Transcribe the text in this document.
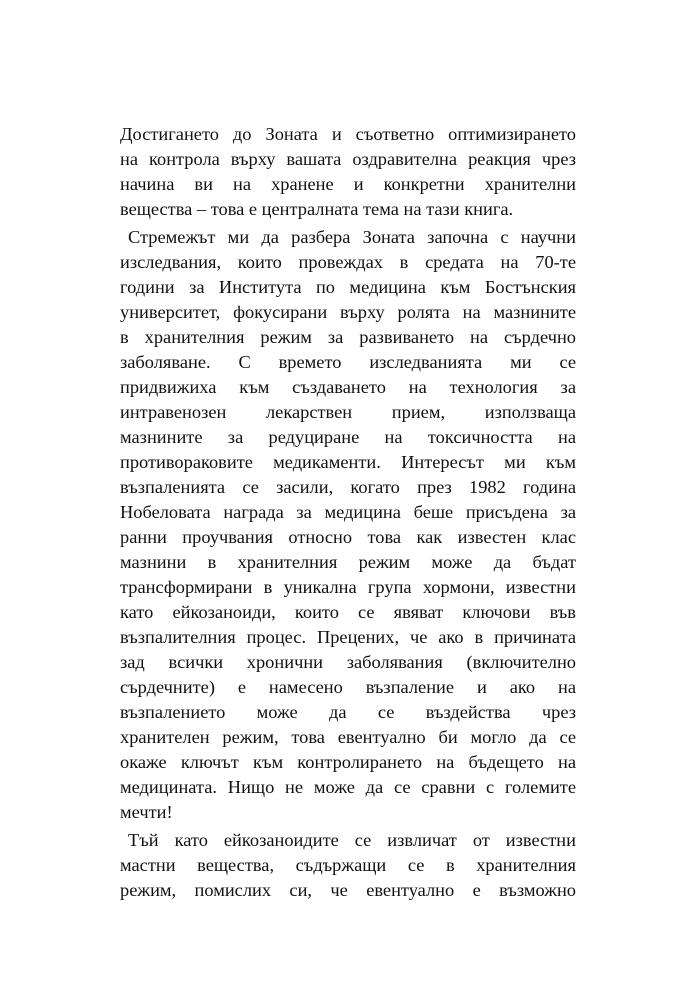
Достигането до Зоната и съответно оптимизирането
на контрола върху вашата оздравителна реакция чрез
начина ви на хранене и конкретни хранителни
вещества – това е централната тема на тази книга.

Стремежът ми да разбера Зоната започна с научни
изследвания, които провеждах в средата на 70-те
години за Института по медицина към Бостънския
университет, фокусирани върху ролята на мазнините
в хранителния режим за развиването на сърдечно
заболяване. С времето изследванията ми се
придвижиха към създаването на технология за
интравенозен лекарствен прием, използваща
мазнините за редуциране на токсичността на
противораковите медикаменти. Интересът ми към
възпаленията се засили, когато през 1982 година
Нобеловата награда за медицина беше присъдена за
ранни проучвания относно това как известен клас
мазнини в хранителния режим може да бъдат
трансформирани в уникална група хормони, известни
като ейкозаноиди, които се явяват ключови във
възпалителния процес. Прецених, че ако в причината
зад всички хронични заболявания (включително
сърдечните) е намесено възпаление и ако на
възпалението може да се въздейства чрез
хранителен режим, това евентуално би могло да се
окаже ключът към контролирането на бъдещето на
медицината. Нищо не може да се сравни с големите
мечти!

Тъй като ейкозаноидите се извличат от известни
мастни вещества, съдържащи се в хранителния
режим, помислих си, че евентуално е възможно
